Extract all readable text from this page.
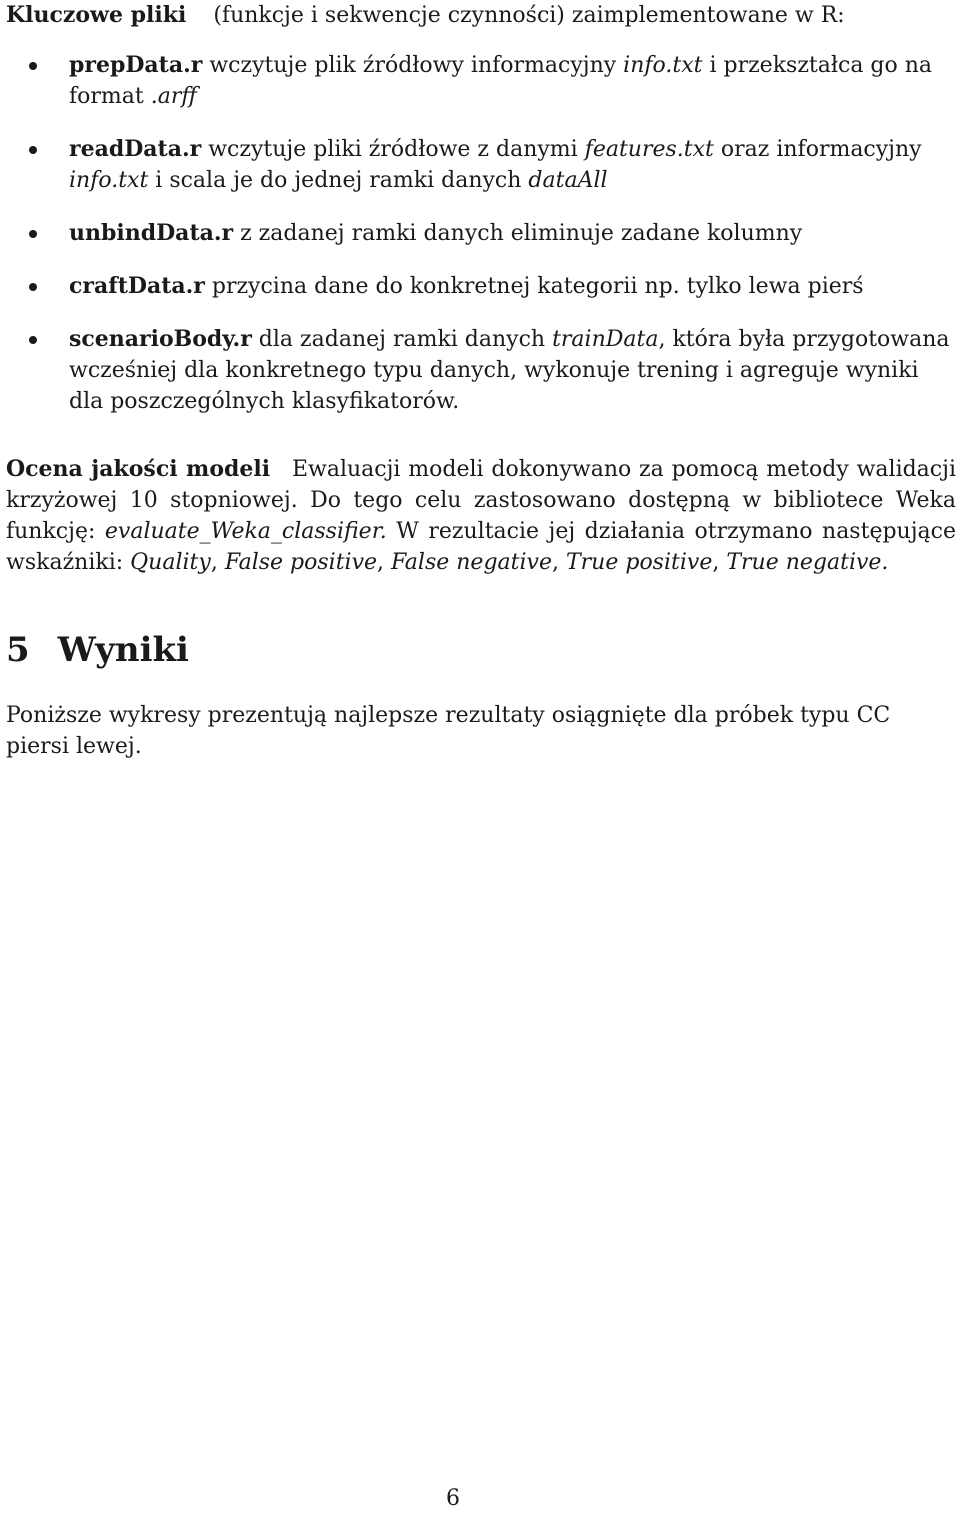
Kluczowe pliki (funkcje i sekwencje czynności) zaimplementowane w R:

prepData.r wczytuje plik źródłowy informacyjny info.txt i przekształca go na format .arff
readData.r wczytuje pliki źródłowe z danymi features.txt oraz informacyjny info.txt i scala je do jednej ramki danych dataAll
unbindData.r z zadanej ramki danych eliminuje zadane kolumny
craftData.r przycina dane do konkretnej kategorii np. tylko lewa pierś
scenarioBody.r dla zadanej ramki danych trainData, która była przygotowana wcześniej dla konkretnego typu danych, wykonuje trening i agreguje wyniki dla poszczególnych klasyfikatorów.

Ocena jakości modeli Ewaluacji modeli dokonywano za pomocą metody walidacji krzyżowej 10 stopniowej. Do tego celu zastosowano dostępną w bibliotece Weka funkcję: evaluate_Weka_classifier. W rezultacie jej działania otrzymano następujące wskaźniki: Quality, False positive, False negative, True positive, True negative.

5 Wyniki

Poniższe wykresy prezentują najlepsze rezultaty osiągnięte dla próbek typu CC piersi lewej.

6
